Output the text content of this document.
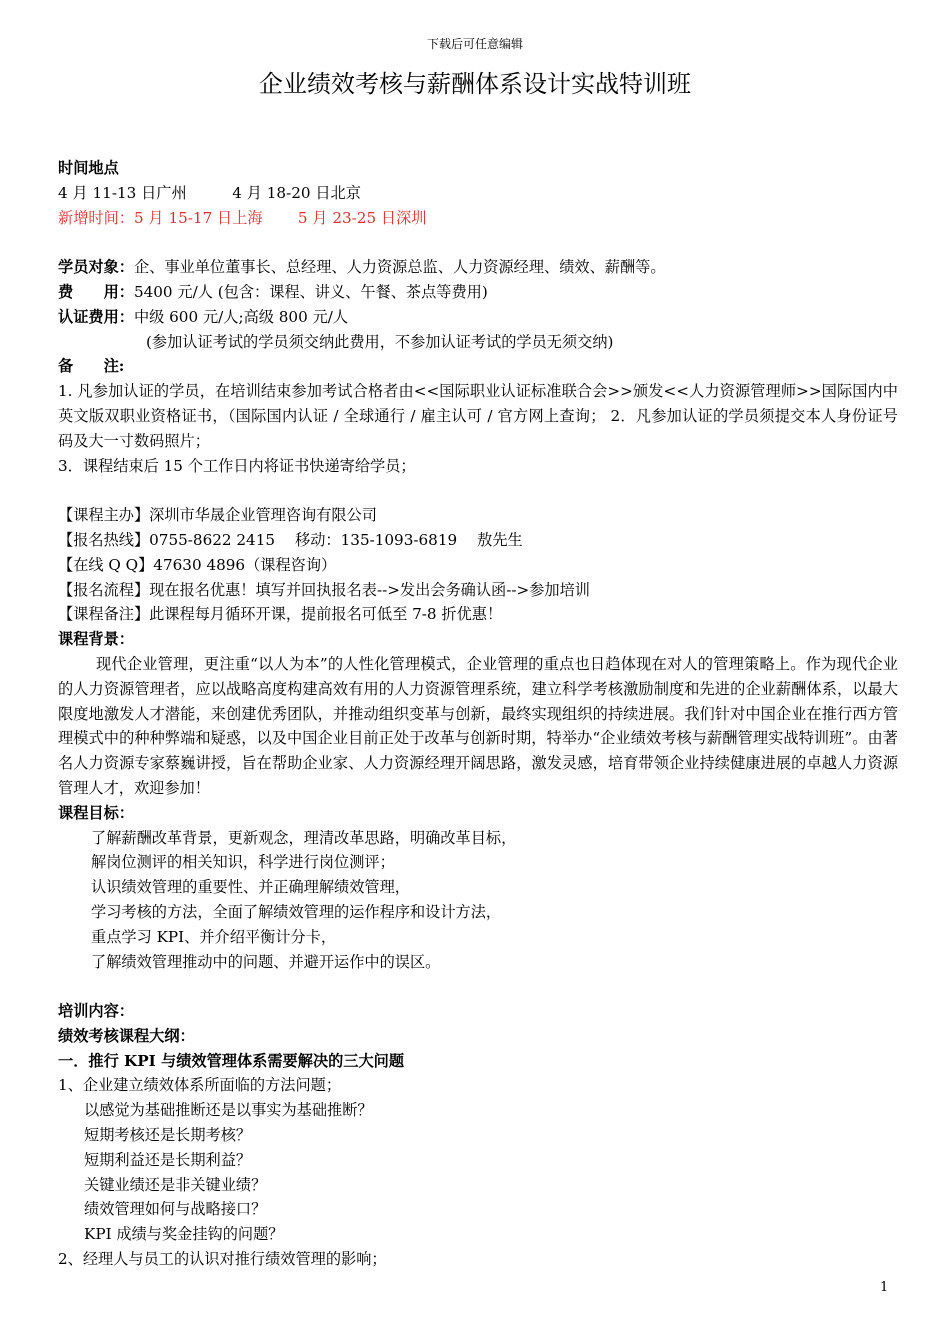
下载后可任意编辑
企业绩效考核与薪酬体系设计实战特训班

时间地点

4 月 11-13 日广州　　　4 月 18-20 日北京

新增时间：5 月 15-17 日上海　　 5 月 23-25 日深圳

学员对象：企、事业单位董事长、总经理、人力资源总监、人力资源经理、绩效、薪酬等。

费　　用：5400 元/人 (包含：课程、讲义、午餐、茶点等费用)

认证费用：中级 600 元/人;高级 800 元/人

(参加认证考试的学员须交纳此费用，不参加认证考试的学员无须交纳)

备　　注:

1. 凡参加认证的学员，在培训结束参加考试合格者由<<国际职业认证标准联合会>>颁发<<人力资源管理师>>国际国内中英文版双职业资格证书，（国际国内认证 / 全球通行 / 雇主认可 / 官方网上查询； 2．凡参加认证的学员须提交本人身份证号码及大一寸数码照片；

3．课程结束后 15 个工作日内将证书快递寄给学员；

【课程主办】深圳市华晟企业管理咨询有限公司

【报名热线】0755-8622 2415　 移动：135-1093-6819　 敖先生

【在线 Q Q】47630 4896（课程咨询）

【报名流程】现在报名优惠！填写并回执报名表-->发出会务确认函-->参加培训

【课程备注】此课程每月循环开课，提前报名可低至 7-8 折优惠！

课程背景：

现代企业管理，更注重“以人为本”的人性化管理模式，企业管理的重点也日趋体现在对人的管理策略上。作为现代企业的人力资源管理者，应以战略高度构建高效有用的人力资源管理系统，建立科学考核激励制度和先进的企业薪酬体系，以最大限度地激发人才潜能，来创建优秀团队，并推动组织变革与创新，最终实现组织的持续进展。我们针对中国企业在推行西方管理模式中的种种弊端和疑惑，以及中国企业目前正处于改革与创新时期，特举办“企业绩效考核与薪酬管理实战特训班”。由著名人力资源专家蔡巍讲授，旨在帮助企业家、人力资源经理开阔思路，激发灵感，培育带领企业持续健康进展的卓越人力资源管理人才，欢迎参加！

课程目标：

了解薪酬改革背景，更新观念，理清改革思路，明确改革目标，

解岗位测评的相关知识，科学进行岗位测评；

认识绩效管理的重要性、并正确理解绩效管理，

学习考核的方法，全面了解绩效管理的运作程序和设计方法，

重点学习 KPI、并介绍平衡计分卡，

了解绩效管理推动中的问题、并避开运作中的误区。

培训内容：

绩效考核课程大纲：

一．推行 KPI 与绩效管理体系需要解决的三大问题

1、企业建立绩效体系所面临的方法问题；

以感觉为基础推断还是以事实为基础推断？

短期考核还是长期考核？

短期利益还是长期利益？

关键业绩还是非关键业绩？

绩效管理如何与战略接口？

KPI 成绩与奖金挂钩的问题？

2、经理人与员工的认识对推行绩效管理的影响；

1
